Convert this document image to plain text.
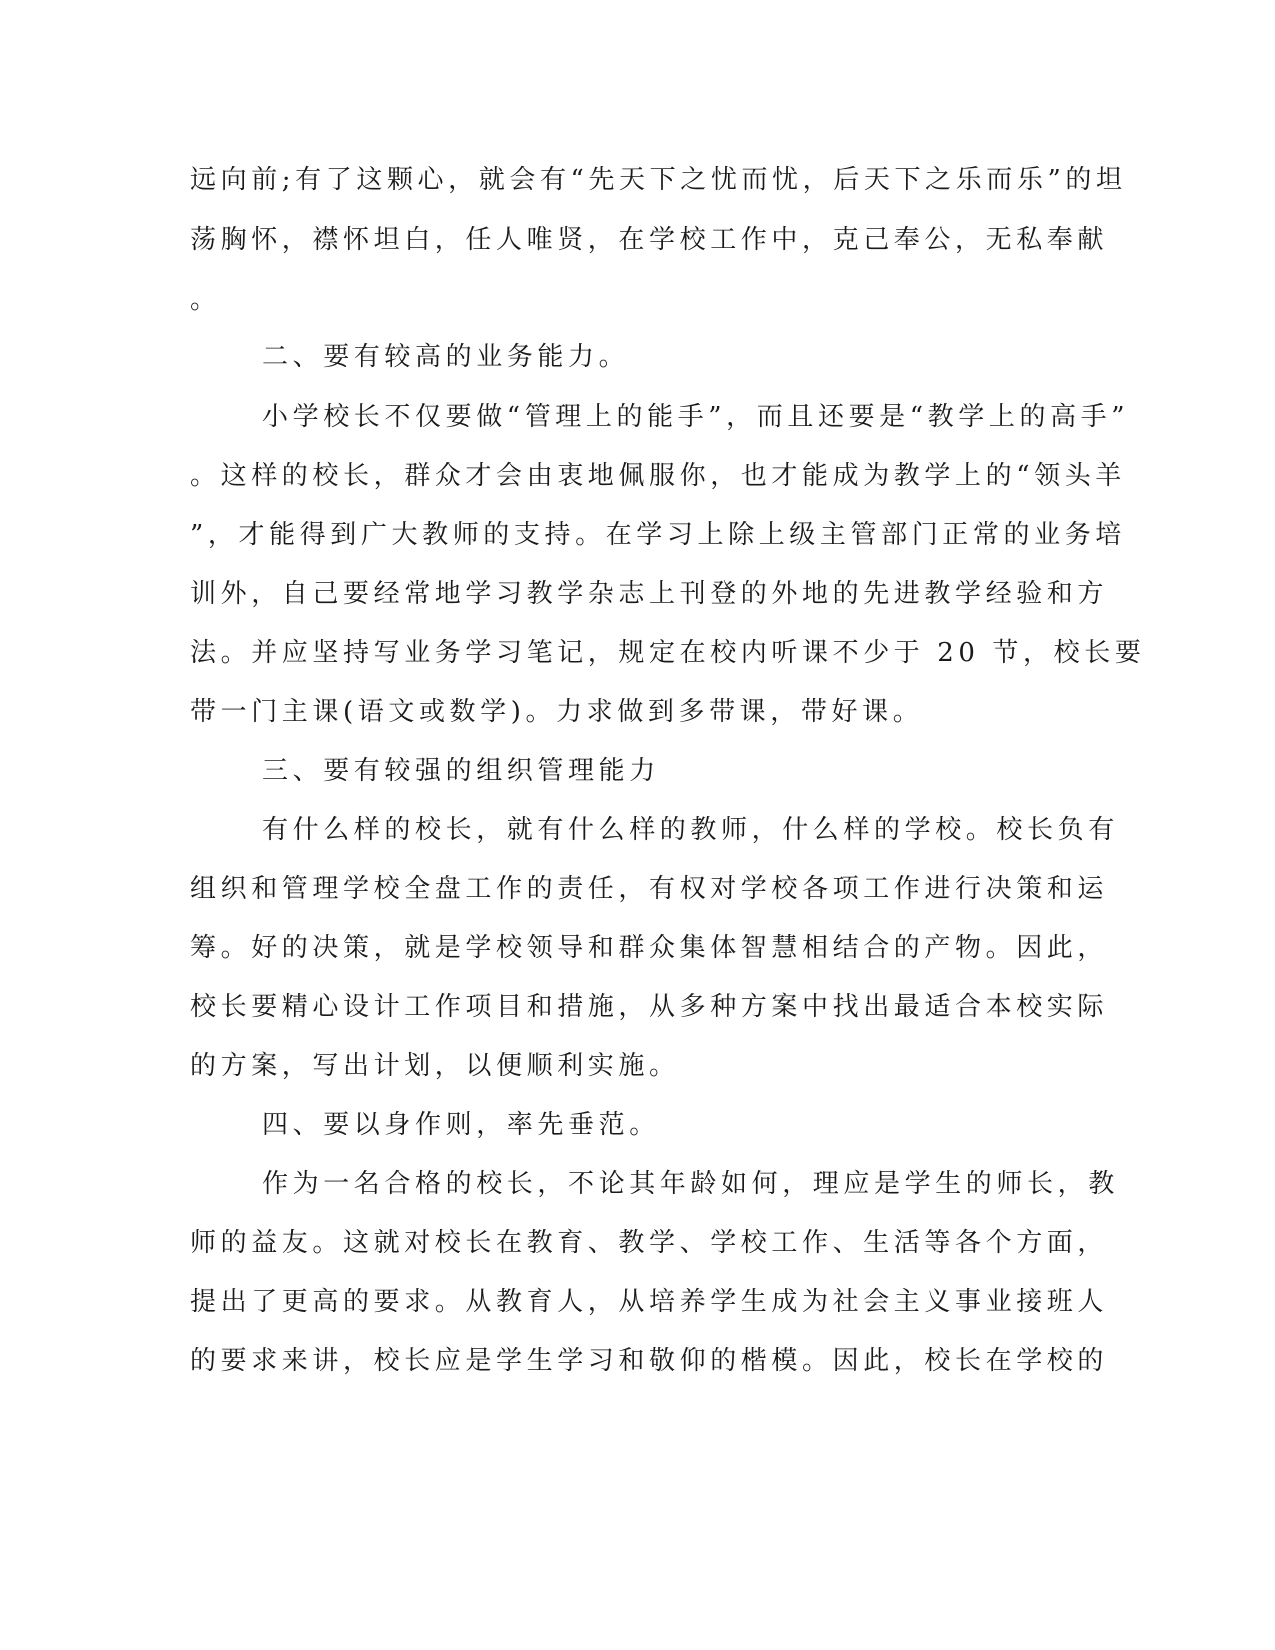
远向前;有了这颗心，就会有“先天下之忧而忧，后天下之乐而乐”的坦
荡胸怀，襟怀坦白，任人唯贤，在学校工作中，克己奉公，无私奉献
。
二、要有较高的业务能力。
小学校长不仅要做“管理上的能手”，而且还要是“教学上的高手”
。这样的校长，群众才会由衷地佩服你，也才能成为教学上的“领头羊
”，才能得到广大教师的支持。在学习上除上级主管部门正常的业务培
训外，自己要经常地学习教学杂志上刊登的外地的先进教学经验和方
法。并应坚持写业务学习笔记，规定在校内听课不少于 20 节，校长要
带一门主课(语文或数学)。力求做到多带课，带好课。
三、要有较强的组织管理能力
有什么样的校长，就有什么样的教师，什么样的学校。校长负有
组织和管理学校全盘工作的责任，有权对学校各项工作进行决策和运
筹。好的决策，就是学校领导和群众集体智慧相结合的产物。因此，
校长要精心设计工作项目和措施，从多种方案中找出最适合本校实际
的方案，写出计划，以便顺利实施。
四、要以身作则，率先垂范。
作为一名合格的校长，不论其年龄如何，理应是学生的师长，教
师的益友。这就对校长在教育、教学、学校工作、生活等各个方面，
提出了更高的要求。从教育人，从培养学生成为社会主义事业接班人
的要求来讲，校长应是学生学习和敬仰的楷模。因此，校长在学校的
